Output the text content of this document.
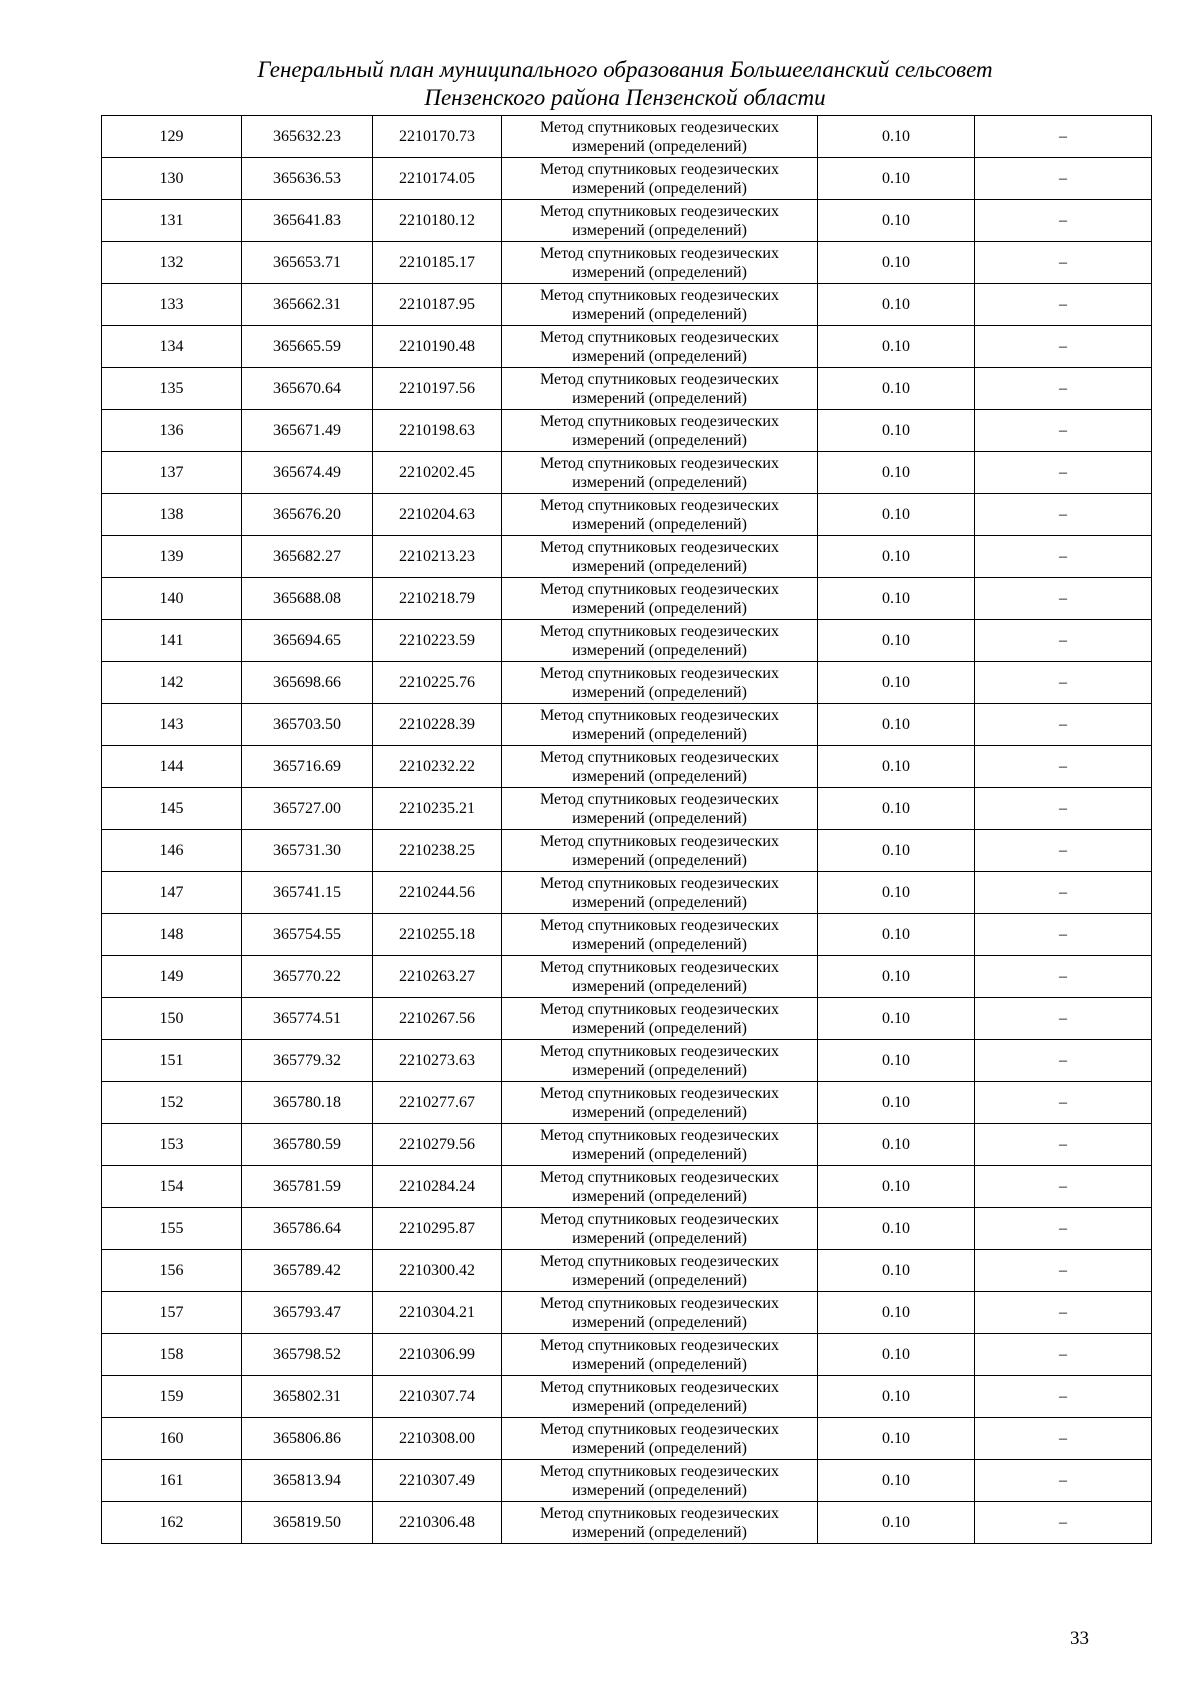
Генеральный план муниципального образования Большееланский сельсовет
Пензенского района Пензенской области
129	365632.23	2210170.73	Метод спутниковых геодезических
измерений (определений)	0.10	–
130	365636.53	2210174.05	Метод спутниковых геодезических
измерений (определений)	0.10	–
131	365641.83	2210180.12	Метод спутниковых геодезических
измерений (определений)	0.10	–
132	365653.71	2210185.17	Метод спутниковых геодезических
измерений (определений)	0.10	–
133	365662.31	2210187.95	Метод спутниковых геодезических
измерений (определений)	0.10	–
134	365665.59	2210190.48	Метод спутниковых геодезических
измерений (определений)	0.10	–
135	365670.64	2210197.56	Метод спутниковых геодезических
измерений (определений)	0.10	–
136	365671.49	2210198.63	Метод спутниковых геодезических
измерений (определений)	0.10	–
137	365674.49	2210202.45	Метод спутниковых геодезических
измерений (определений)	0.10	–
138	365676.20	2210204.63	Метод спутниковых геодезических
измерений (определений)	0.10	–
139	365682.27	2210213.23	Метод спутниковых геодезических
измерений (определений)	0.10	–
140	365688.08	2210218.79	Метод спутниковых геодезических
измерений (определений)	0.10	–
141	365694.65	2210223.59	Метод спутниковых геодезических
измерений (определений)	0.10	–
142	365698.66	2210225.76	Метод спутниковых геодезических
измерений (определений)	0.10	–
143	365703.50	2210228.39	Метод спутниковых геодезических
измерений (определений)	0.10	–
144	365716.69	2210232.22	Метод спутниковых геодезических
измерений (определений)	0.10	–
145	365727.00	2210235.21	Метод спутниковых геодезических
измерений (определений)	0.10	–
146	365731.30	2210238.25	Метод спутниковых геодезических
измерений (определений)	0.10	–
147	365741.15	2210244.56	Метод спутниковых геодезических
измерений (определений)	0.10	–
148	365754.55	2210255.18	Метод спутниковых геодезических
измерений (определений)	0.10	–
149	365770.22	2210263.27	Метод спутниковых геодезических
измерений (определений)	0.10	–
150	365774.51	2210267.56	Метод спутниковых геодезических
измерений (определений)	0.10	–
151	365779.32	2210273.63	Метод спутниковых геодезических
измерений (определений)	0.10	–
152	365780.18	2210277.67	Метод спутниковых геодезических
измерений (определений)	0.10	–
153	365780.59	2210279.56	Метод спутниковых геодезических
измерений (определений)	0.10	–
154	365781.59	2210284.24	Метод спутниковых геодезических
измерений (определений)	0.10	–
155	365786.64	2210295.87	Метод спутниковых геодезических
измерений (определений)	0.10	–
156	365789.42	2210300.42	Метод спутниковых геодезических
измерений (определений)	0.10	–
157	365793.47	2210304.21	Метод спутниковых геодезических
измерений (определений)	0.10	–
158	365798.52	2210306.99	Метод спутниковых геодезических
измерений (определений)	0.10	–
159	365802.31	2210307.74	Метод спутниковых геодезических
измерений (определений)	0.10	–
160	365806.86	2210308.00	Метод спутниковых геодезических
измерений (определений)	0.10	–
161	365813.94	2210307.49	Метод спутниковых геодезических
измерений (определений)	0.10	–
162	365819.50	2210306.48	Метод спутниковых геодезических
измерений (определений)	0.10	–
33
